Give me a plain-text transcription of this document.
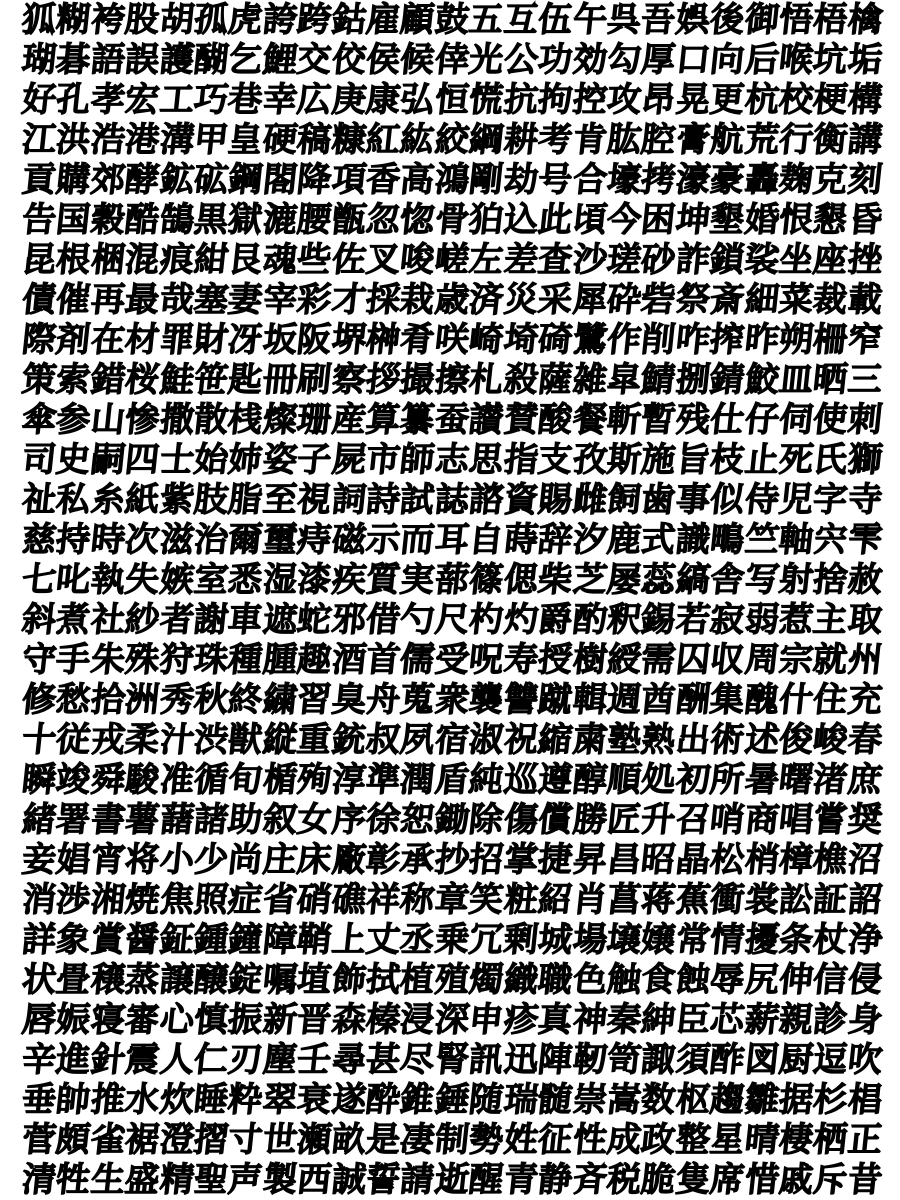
狐
糊
袴
股
胡
孤
虎
誇
跨
鈷
雇
顧
鼓
五
互
伍
午
呉
吾
娯
後
御
悟
梧
檎
瑚
碁
語
誤
護
醐
乞
鯉
交
佼
侯
候
倖
光
公
功
効
勾
厚
口
向
后
喉
坑
垢
好
孔
孝
宏
工
巧
巷
幸
広
庚
康
弘
恒
慌
抗
拘
控
攻
昂
晃
更
杭
校
梗
構
江
洪
浩
港
溝
甲
皇
硬
稿
糠
紅
紘
絞
綱
耕
考
肯
肱
腔
膏
航
荒
行
衡
講
貢
購
郊
酵
鉱
砿
鋼
閤
降
項
香
高
鴻
剛
劫
号
合
壕
拷
濠
豪
轟
麹
克
刻
告
国
穀
酷
鵠
黒
獄
漉
腰
甑
忽
惚
骨
狛
込
此
頃
今
困
坤
墾
婚
恨
懇
昏
昆
根
梱
混
痕
紺
艮
魂
些
佐
叉
唆
嵯
左
差
査
沙
瑳
砂
詐
鎖
裟
坐
座
挫
債
催
再
最
哉
塞
妻
宰
彩
才
採
栽
歳
済
災
采
犀
砕
砦
祭
斎
細
菜
裁
載
際
剤
在
材
罪
財
冴
坂
阪
堺
榊
肴
咲
崎
埼
碕
鷺
作
削
咋
搾
昨
朔
柵
窄
策
索
錯
桜
鮭
笹
匙
冊
刷
察
拶
撮
擦
札
殺
薩
雑
皐
鯖
捌
錆
鮫
皿
晒
三
傘
参
山
惨
撒
散
桟
燦
珊
産
算
纂
蚕
讃
賛
酸
餐
斬
暫
残
仕
仔
伺
使
刺
司
史
嗣
四
士
始
姉
姿
子
屍
市
師
志
思
指
支
孜
斯
施
旨
枝
止
死
氏
獅
祉
私
糸
紙
紫
肢
脂
至
視
詞
詩
試
誌
諮
資
賜
雌
飼
歯
事
似
侍
児
字
寺
慈
持
時
次
滋
治
爾
璽
痔
磁
示
而
耳
自
蒔
辞
汐
鹿
式
識
鴫
竺
軸
宍
雫
七
叱
執
失
嫉
室
悉
湿
漆
疾
質
実
蔀
篠
偲
柴
芝
屡
蕊
縞
舎
写
射
捨
赦
斜
煮
社
紗
者
謝
車
遮
蛇
邪
借
勺
尺
杓
灼
爵
酌
釈
錫
若
寂
弱
惹
主
取
守
手
朱
殊
狩
珠
種
腫
趣
酒
首
儒
受
呪
寿
授
樹
綬
需
囚
収
周
宗
就
州
修
愁
拾
洲
秀
秋
終
繍
習
臭
舟
蒐
衆
襲
讐
蹴
輯
週
酋
酬
集
醜
什
住
充
十
従
戎
柔
汁
渋
獣
縦
重
銃
叔
夙
宿
淑
祝
縮
粛
塾
熟
出
術
述
俊
峻
春
瞬
竣
舜
駿
准
循
旬
楯
殉
淳
準
潤
盾
純
巡
遵
醇
順
処
初
所
暑
曙
渚
庶
緒
署
書
薯
藷
諸
助
叙
女
序
徐
恕
鋤
除
傷
償
勝
匠
升
召
哨
商
唱
嘗
奨
妾
娼
宵
将
小
少
尚
庄
床
廠
彰
承
抄
招
掌
捷
昇
昌
昭
晶
松
梢
樟
樵
沼
消
渉
湘
焼
焦
照
症
省
硝
礁
祥
称
章
笑
粧
紹
肖
菖
蒋
蕉
衝
裳
訟
証
詔
詳
象
賞
醤
鉦
鍾
鐘
障
鞘
上
丈
丞
乗
冗
剰
城
場
壌
嬢
常
情
擾
条
杖
浄
状
畳
穣
蒸
譲
醸
錠
嘱
埴
飾
拭
植
殖
燭
織
職
色
触
食
蝕
辱
尻
伸
信
侵
唇
娠
寝
審
心
慎
振
新
晋
森
榛
浸
深
申
疹
真
神
秦
紳
臣
芯
薪
親
診
身
辛
進
針
震
人
仁
刃
塵
壬
尋
甚
尽
腎
訊
迅
陣
靭
笥
諏
須
酢
図
厨
逗
吹
垂
帥
推
水
炊
睡
粋
翠
衰
遂
酔
錐
錘
随
瑞
髄
崇
嵩
数
枢
趨
雛
据
杉
椙
菅
頗
雀
裾
澄
摺
寸
世
瀬
畝
是
凄
制
勢
姓
征
性
成
政
整
星
晴
棲
栖
正
清
牲
生
盛
精
聖
声
製
西
誠
誓
請
逝
醒
青
静
斉
税
脆
隻
席
惜
戚
斥
昔
